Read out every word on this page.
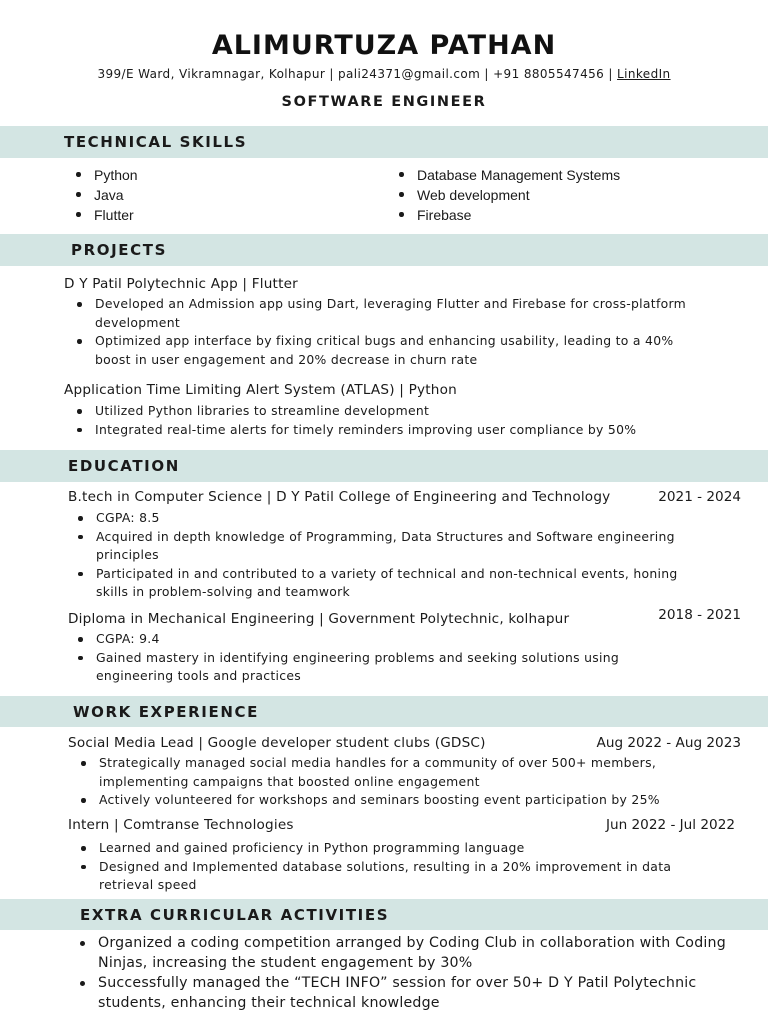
ALIMURTUZA PATHAN
399/E Ward, Vikramnagar, Kolhapur | pali24371@gmail.com | +91 8805547456 | LinkedIn
SOFTWARE ENGINEER
TECHNICAL SKILLS
Python
Java
Flutter
Database Management Systems
Web development
Firebase
PROJECTS
D Y Patil Polytechnic App | Flutter
Developed an Admission app using Dart, leveraging Flutter and Firebase for cross-platform development
Optimized app interface by fixing critical bugs and enhancing usability, leading to a 40% boost in user engagement and 20% decrease in churn rate
Application Time Limiting Alert System (ATLAS) | Python
Utilized Python libraries to streamline development
Integrated real-time alerts for timely reminders improving user compliance by 50%
EDUCATION
B.tech in Computer Science | D Y Patil College of Engineering and Technology	2021 - 2024
CGPA: 8.5
Acquired in depth knowledge of Programming, Data Structures and Software engineering principles
Participated in and contributed to a variety of technical and non-technical events, honing skills in problem-solving and teamwork
Diploma in Mechanical Engineering | Government Polytechnic, kolhapur	2018 - 2021
CGPA: 9.4
Gained mastery in identifying engineering problems and seeking solutions using engineering tools and practices
WORK EXPERIENCE
Social Media Lead | Google developer student clubs (GDSC)	Aug 2022 - Aug 2023
Strategically managed social media handles for a community of over 500+ members, implementing campaigns that boosted online engagement
Actively volunteered for workshops and seminars boosting event participation by 25%
Intern | Comtranse Technologies	Jun 2022 - Jul 2022
Learned and gained proficiency in Python programming language
Designed and Implemented database solutions, resulting in a 20% improvement in data retrieval speed
EXTRA CURRICULAR ACTIVITIES
Organized a coding competition arranged by Coding Club in collaboration with Coding Ninjas, increasing the student engagement by 30%
Successfully managed the “TECH INFO” session for over 50+ D Y Patil Polytechnic students, enhancing their technical knowledge
